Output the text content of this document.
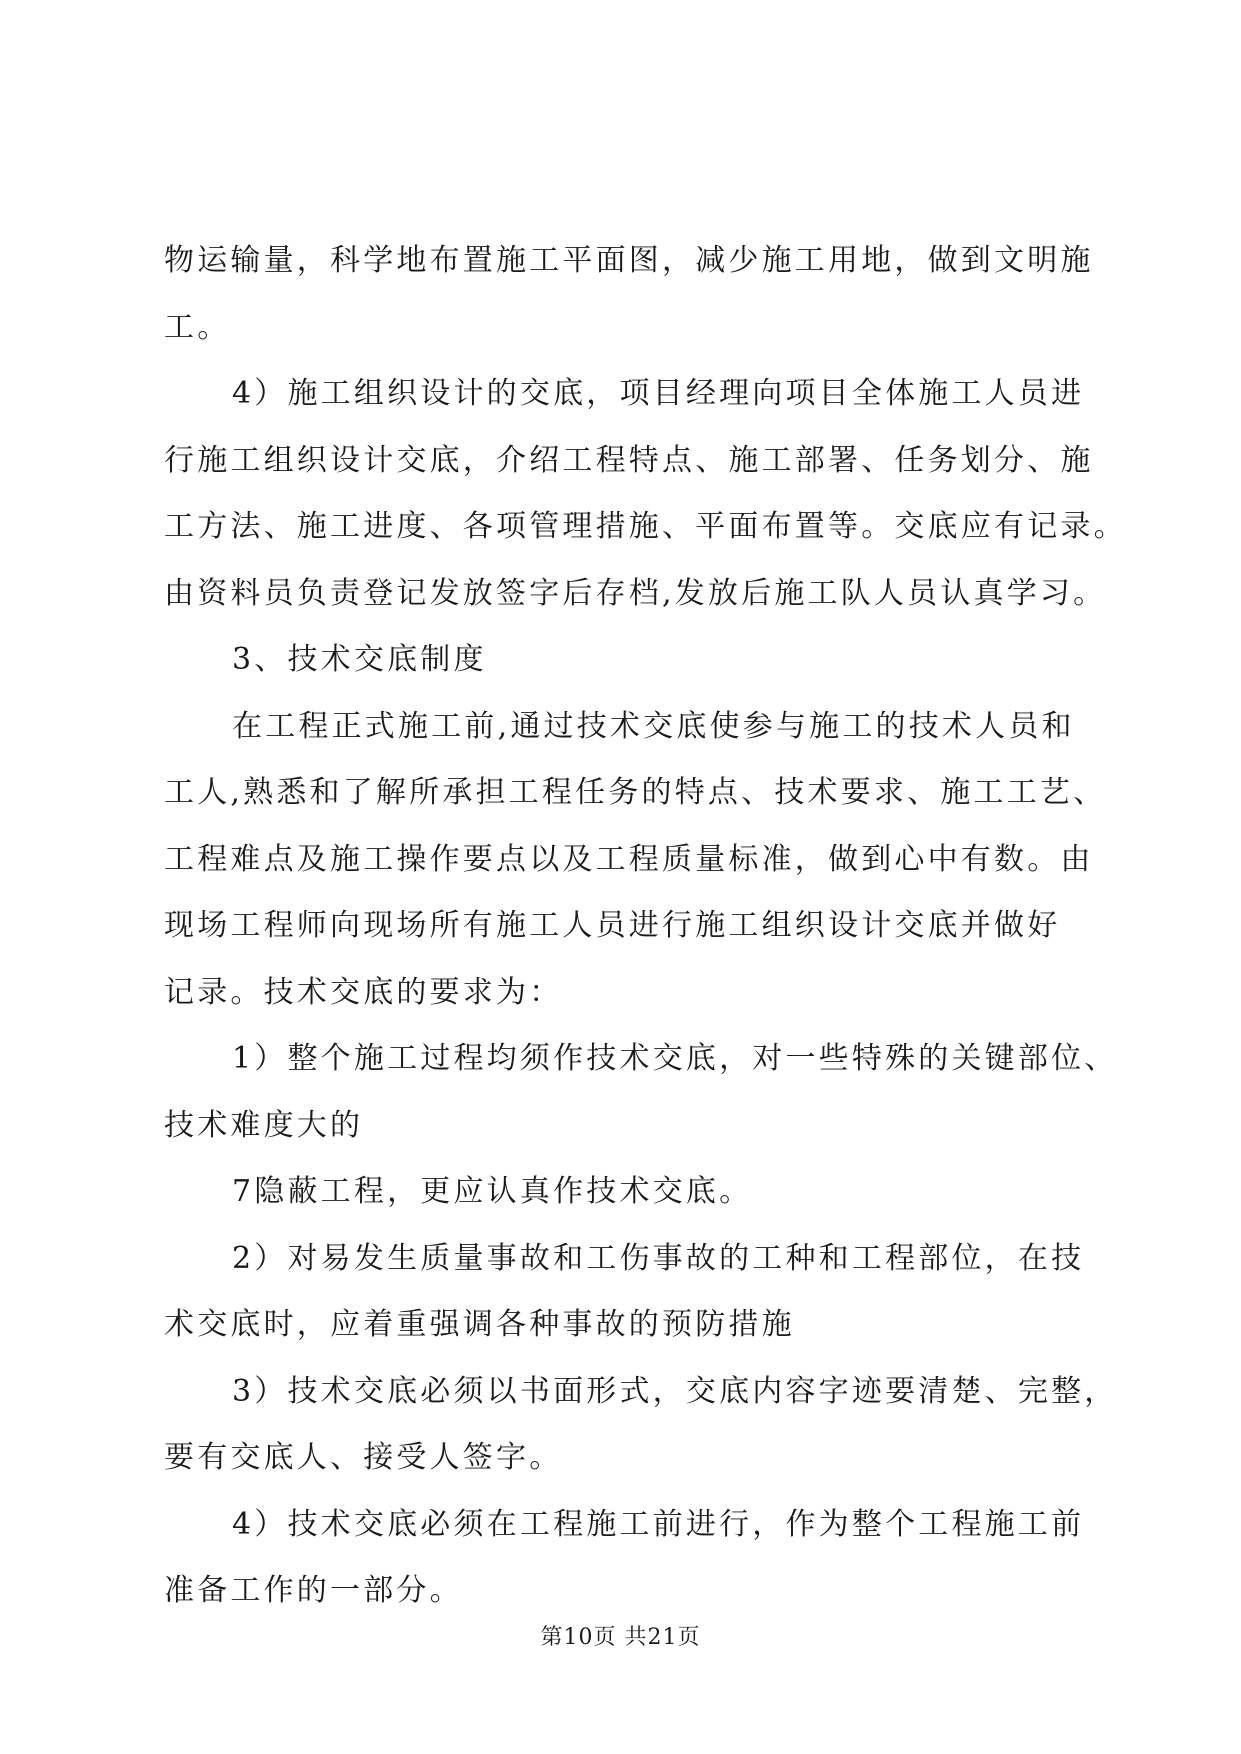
物运输量，科学地布置施工平面图，减少施工用地，做到文明施
工。
4）施工组织设计的交底，项目经理向项目全体施工人员进
行施工组织设计交底，介绍工程特点、施工部署、任务划分、施
工方法、施工进度、各项管理措施、平面布置等。交底应有记录。
由资料员负责登记发放签字后存档,发放后施工队人员认真学习。
3、技术交底制度
在工程正式施工前,通过技术交底使参与施工的技术人员和
工人,熟悉和了解所承担工程任务的特点、技术要求、施工工艺、
工程难点及施工操作要点以及工程质量标准，做到心中有数。由
现场工程师向现场所有施工人员进行施工组织设计交底并做好
记录。技术交底的要求为：
1）整个施工过程均须作技术交底，对一些特殊的关键部位、
技术难度大的
7隐蔽工程，更应认真作技术交底。
2）对易发生质量事故和工伤事故的工种和工程部位，在技
术交底时，应着重强调各种事故的预防措施
3）技术交底必须以书面形式，交底内容字迹要清楚、完整，
要有交底人、接受人签字。
4）技术交底必须在工程施工前进行，作为整个工程施工前
准备工作的一部分。
第10页 共21页
